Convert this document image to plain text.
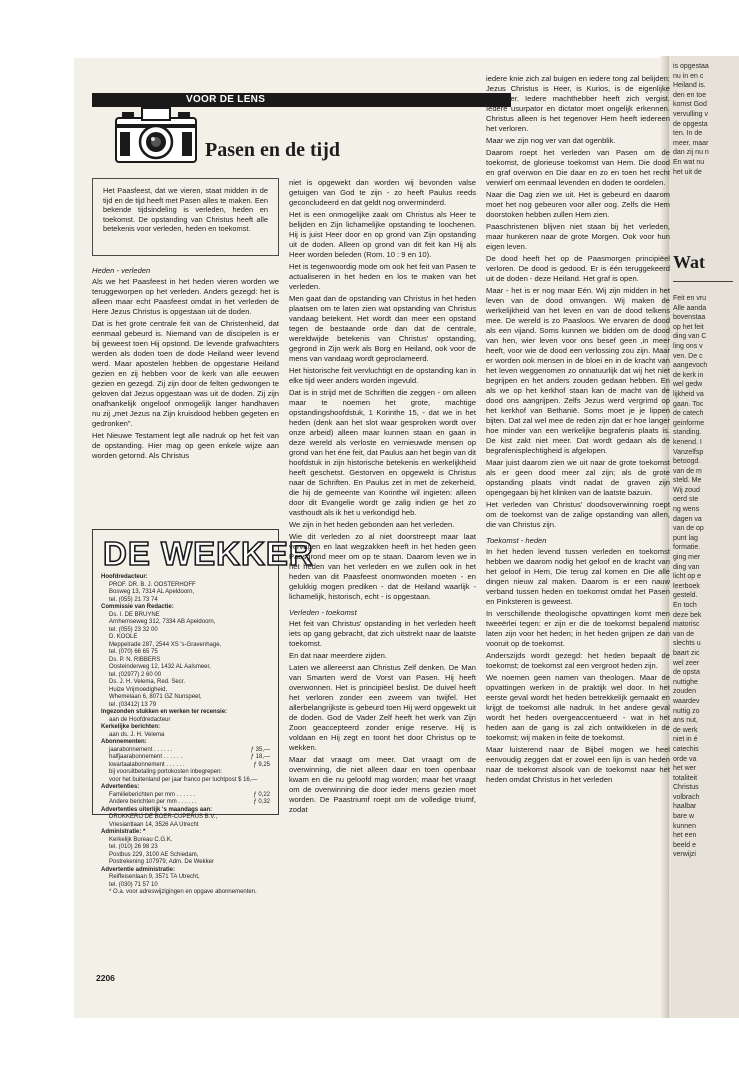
is opgestaa
nu in en c
Heiland is.
den en toe
komst God
vervulling v
de opgesta
ten. In de
meer, maar
dan zij nu n
En wat nu
het uit de
Wat
Feit en vru
Alle aanda
bovenstaa
op het feit
ding van C
ling ons v
ven. De c
aangevoch
de kerk in
wel gedw
lijkheid va
gaan. Toc
de catech
geinforme
standing.
kenend. I
Vanzelfsp
betoogd.
van de m
steld. Me
Wij zoud
oerd ste
ng wens
dagen va
van de op
punt lag
formatie.
ging mer
ding van
licht op e
leerboek
gesteld.
En toch
deze bek
matorisc
van de
slechts u
baart zic
wel zeer
de opsta
nuttighe
zouden
waardev
nuttig zo
ans nut,
de werk
niet in é
catechis
orde va
het wer
totaliteit
Christus
volbrach
haalbar
bare w
kunnen
het een
beeld e
verwijzi
VOOR DE LENS
Pasen en de tijd

Het Paasfeest, dat we vieren, staat midden in de tijd en de tijd heeft met Pasen alles te maken. Een bekende tijdsindeling is verleden, heden en toekomst. De opstanding van Christus heeft alle betekenis voor verleden, heden en toekomst.

Heden - verleden

Als we het Paasfeest in het heden vieren worden we teruggeworpen op het verleden. Anders gezegd: het is alleen maar echt Paasfeest omdat in het verleden de Here Jezus Christus is opgestaan uit de doden.

Dat is het grote centrale feit van de Christenheid, dat eenmaal gebeurd is. Niemand van de discipelen is er bij geweest toen Hij opstond. De levende grafwachters werden als doden toen de dode Heiland weer levend werd. Maar apostelen hebben de opgestane Heiland gezien en zij hebben voor de kerk van alle eeuwen gezien en gezegd. Zij zijn door de felten gedwongen te geloven dat Jezus opgestaan was uit de doden. Zij zijn onafhankelijk ongeloof onmogelijk langer handhaven nu zij „met Jezus na Zijn kruisdood hebben gegeten en gedronken”.

Het Nieuwe Testament legt alle nadruk op het feit van de opstanding. Hier mag op geen enkele wijze aan worden getornd. Als Christus

DE WEKKER
Hoofdredacteur:
PROF. DR. B. J. OOSTERHOFF
Bosweg 13, 7314 AL Apeldoorn,
tel. (055) 21 73 74
Commissie van Redactie:
Ds. I. DE BRUYNE
Arnhemseweg 312, 7334 AB Apeldoorn,
tel. (055) 23 32 00
D. KOOLE
Meppelrade 287, 2544 XS 's-Gravenhage,
tel. (070) 66 65 75
Ds. P. N. RIBBERS
Oosteinderweg 12, 1432 AL Aalsmeer,
tel. (02977) 2 60 00
Ds. J. H. Velema, Red. Secr.
Huize Vrijmoedigheid,
Whemelaan 6, 8071 GZ Nunspeet,
tel. (03412) 13 79
Ingezonden stukken en werken ter recensie:
aan de Hoofdredacteur
Kerkelijke berichten:
aan ds. J. H. Velema
Abonnementen:
jaarabonnement . . . . . .	ƒ 35,—
halfjaarabonnement . . . . . .	ƒ 18,—
kwartaalabonnement . . . . . .	ƒ 9,25
bij vooruitbetaling portokosten inbegrepen:
voor het buitenland per jaar franco per luchtpost $ 16,—
Advertenties:
Familieberichten per mm . . . . . .	ƒ 0,22
Andere berichten per mm . . . . . .	ƒ 0,32
Advertenties uiterlijk 's maandags aan:
DRUKKERIJ DE BOER-CUPERUS B.V.,
Vriesiantlaan 14, 3526 AA Utrecht
Administratie: *
Kerkelijk Bureau C.G.K.
tel. (010) 26 98 23
Postbus 229, 3100 AE Schiedam,
Postrekening 107979, Adm. De Wekker
Advertentie administratie:
Reiffeisenlaan 9, 3571 TA Utrecht,
tel. (030) 71 57 10
* O.a. voor adreswijzigingen en opgave abonnementen.

niet is opgewekt dan worden wij bevonden valse getuigen van God te zijn - zo heeft Paulus reeds geconcludeerd en dat geldt nog onverminderd.

Het is een onmogelijke zaak om Christus als Heer te belijden en Zijn lichamelijke opstanding te loochenen. Hij is juist Heer door en op grond van Zijn opstanding uit de doden. Alleen op grond van dit feit kan Hij als Heer worden beleden (Rom. 10 : 9 en 10).

Het is tegenwoordig mode om ook het feit van Pasen te actualiseren in het heden en los te maken van het verleden.

Men gaat dan de opstanding van Christus in het heden plaatsen om te laten zien wat opstanding van Christus vandaag betekent. Het wordt dan meer een opstand tegen de bestaande orde dan dat de centrale, wereldwijde betekenis van Christus' opstanding, gegrond in Zijn werk als Borg en Heiland, ook voor de mens van vandaag wordt geproclameerd.

Het historische feit vervluchtigt en de opstanding kan in elke tijd weer anders worden ingevuld.

Dat is in strijd met de Schriften die zeggen - om alleen maar te noemen het grote, machtige opstandingshoofdstuk, 1 Korinthe 15, - dat we in het heden (denk aan het slot waar gesproken wordt over onze arbeid) alleen maar kunnen staan en gaan in deze wereld als verloste en vernieuwde mensen op grond van het éne feit, dat Paulus aan het begin van dit hoofdstuk in zijn historische betekenis en werkelijkheid heeft geschetst. Gestorven en opgewekt is Christus naar de Schriften. En Paulus zet in met de zekerheid, die hij de gemeente van Korinthe wil ingieten: alleen door dit Evangelie wordt ge zalig indien ge het zo vasthoudt als ik het u verkondigd heb.

We zijn in het heden gebonden aan het verleden.

Wie dit verleden zo al niet doorstreept maar laat vervagen en laat wegzakken heeft in het heden geen Paasgrond meer om op te staan. Daarom leven we in het heden van het verleden en we zullen ook in het heden van dit Paasfeest onomwonden moeten - en gelukkig mogen prediken - dat de Heiland waarlijk - lichamelijk, historisch, echt - is opgestaan.

Verleden - toekomst

Het feit van Christus' opstanding in het verleden heeft iets op gang gebracht, dat zich uitstrekt naar de laatste toekomst.

En dat naar meerdere zijden.

Laten we allereerst aan Christus Zelf denken. De Man van Smarten werd de Vorst van Pasen. Hij heeft overwonnen. Het is principiëel beslist. De duivel heeft het verloren zonder een zweem van twijfel. Het allerbelangrijkste is gebeurd toen Hij werd opgewekt uit de doden. God de Vader Zelf heeft het werk van Zijn Zoon geaccepteerd zonder enige reserve. Hij is voldaan en Hij zegt en toont het door Christus op te wekken.

Maar dat vraagt om meer. Dat vraagt om de overwinning, die niet alleen daar en toen openbaar kwam en die nu geloofd mag worden; maar het vraagt om de overwinning die door ieder mens gezien moet worden. De Paastriumf roept om de volledige triumf, zodat

iedere knie zich zal buigen en iedere tong zal belijden: Jezus Christus is Heer, is Kurios, is de eigenlijke Gebieder. Iedere machthebber heeft zich vergist. Iedere usurpator en dictator moet ongelijk erkennen. Christus alleen is het tegenover Hem heeft iedereen het verloren.

Maar we zijn nog ver van dat ogenblik.

Daarom roept het verleden van Pasen om de toekomst, de glorieuse toekomst van Hem. Die dood en graf overwon en Die daar en zo en toen het recht verwierf om eenmaal levenden en doden te oordelen.

Naar die Dag zien we uit. Het is gebeurd en daarom moet het nog gebeuren voor aller oog. Zelfs die Hem doorstoken hebben zullen Hem zien.

Paaschristenen blijven niet staan bij het verleden, maar hunkeren naar de grote Morgen. Ook voor hun eigen leven.

De dood heeft het op de Paasmorgen principiëel verloren. De dood is gedood. Er is één teruggekeerd uit de doden - deze Heiland. Het graf is open.

Maar - het is er nog maar Eén. Wij zijn midden in het leven van de dood omvangen. Wij maken de werkelijkheid van het leven en van de dood telkens mee. De wereld is zo Paasloos. We ervaren de dood als een vijand. Soms kunnen we bidden om de dood van hen, wier leven voor ons besef geen ‚in meer heeft, voor wie de dood een verlossing zou zijn. Maar er worden ook mensen in de bloei en in de kracht van het leven weggenomen zo onnatuurlijk dat wij het niet begrijpen en het anders zouden gedaan hebben. En als we op het kerkhof staan kan de macht van de dood ons aangrijpen. Zelfs Jezus werd vergrimd op het kerkhof van Bethanië. Soms moet je je lippen bijten. Dat zal wel mee de reden zijn dat er hoe langer hoe minder van een werkelijke begrafenis plaats is. De kist zakt niet meer. Dat wordt gedaan als de begrafenisplechtigheid is afgelopen.

Maar juist daarom zien we uit naar de grote toekomst als er geen dood meer zal zijn; als de grote opstanding plaats vindt nadat de graven zijn opengegaan bij het klinken van de laatste bazuin.

Het verleden van Christus' doodsoverwinning roept om de toekomst van de zalige opstanding van allen, die van Christus zijn.

Toekomst - heden

In het heden levend tussen verleden en toekomst hebben we daarom nodig het geloof en de kracht van het geloof in Hem, Die terug zal komen en Die alle dingen nieuw zal maken. Daarom is er een nauw verband tussen heden en toekomst omdat het Pasen en Pinksteren is geweest.

In verschillende theologische opvattingen komt men tweeërlei tegen: er zijn er die de toekomst bepalend laten zijn voor het heden; in het heden grijpen ze dan vooruit op de toekomst.

Anderszijds wordt gezegd: het heden bepaalt de toekomst; de toekomst zal een vergroot heden zijn.

We noemen geen namen van theologen. Maar de opvattingen werken in de praktijk wel door. In het eerste geval wordt het heden betrekkelijk gemaakt en krijgt de toekomst alle nadruk. In het andere geval wordt het heden overgeaccentueerd - wat in het heden aan de gang is zal zich ontwikkelen in de toekomst; wij maken in feite de toekomst.

Maar luisterend naar de Bijbel mogen we heel eenvoudig zeggen dat er zowel een lijn is van heden naar de toekomst alsook van de toekomst naar het heden omdat Christus in het verleden

2206
